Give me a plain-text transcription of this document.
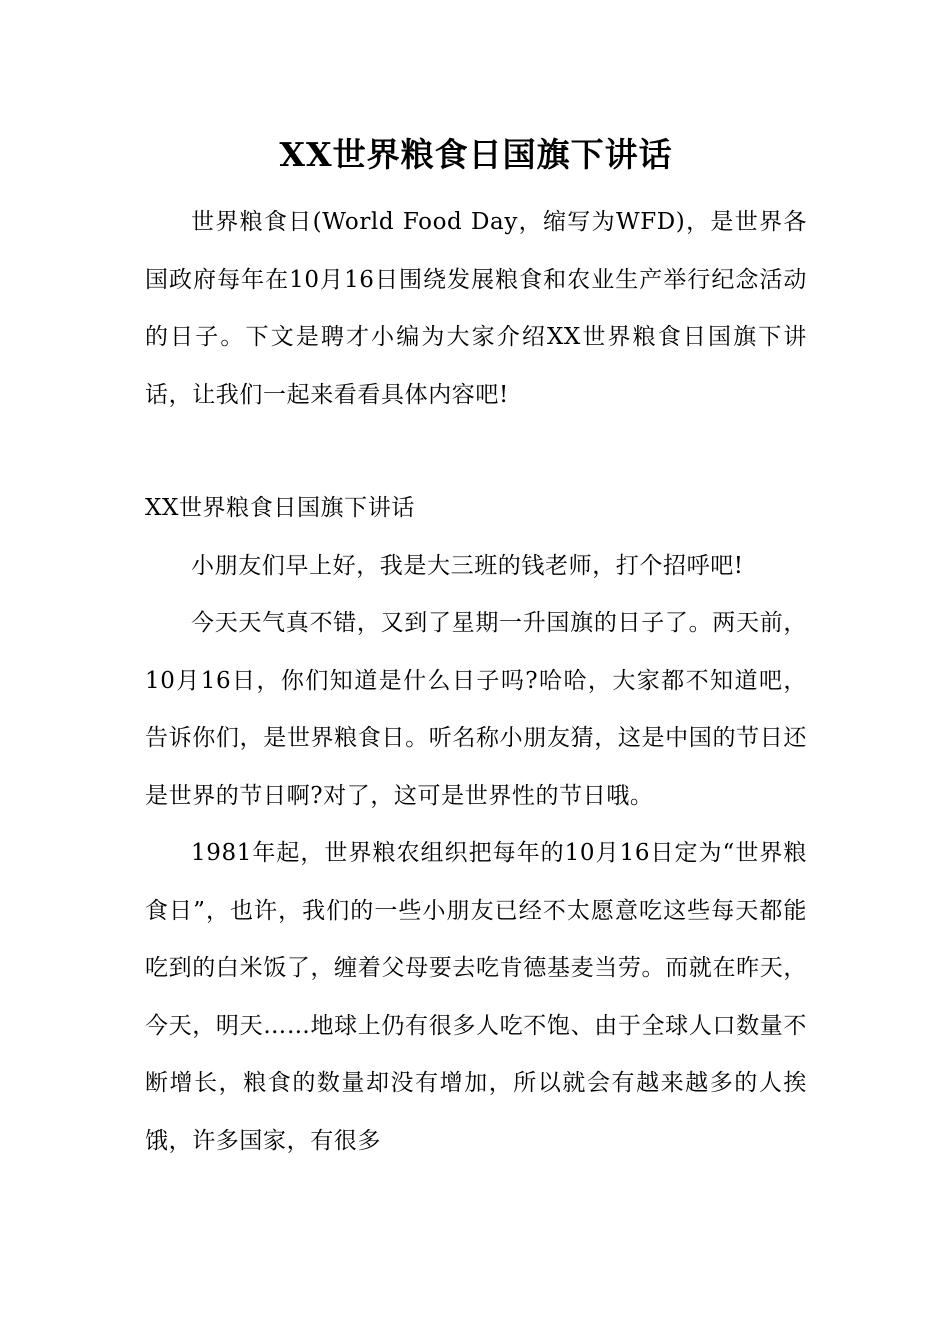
XX世界粮食日国旗下讲话

世界粮食日(World Food Day，缩写为WFD)，是世界各国政府每年在10月16日围绕发展粮食和农业生产举行纪念活动的日子。下文是聘才小编为大家介绍XX世界粮食日国旗下讲话，让我们一起来看看具体内容吧!

XX世界粮食日国旗下讲话

小朋友们早上好，我是大三班的钱老师，打个招呼吧!

今天天气真不错，又到了星期一升国旗的日子了。两天前，10月16日，你们知道是什么日子吗?哈哈，大家都不知道吧，告诉你们，是世界粮食日。听名称小朋友猜，这是中国的节日还是世界的节日啊?对了，这可是世界性的节日哦。

1981年起，世界粮农组织把每年的10月16日定为“世界粮食日”，也许，我们的一些小朋友已经不太愿意吃这些每天都能吃到的白米饭了，缠着父母要去吃肯德基麦当劳。而就在昨天，今天，明天……地球上仍有很多人吃不饱、由于全球人口数量不断增长，粮食的数量却没有增加，所以就会有越来越多的人挨饿，许多国家，有很多
